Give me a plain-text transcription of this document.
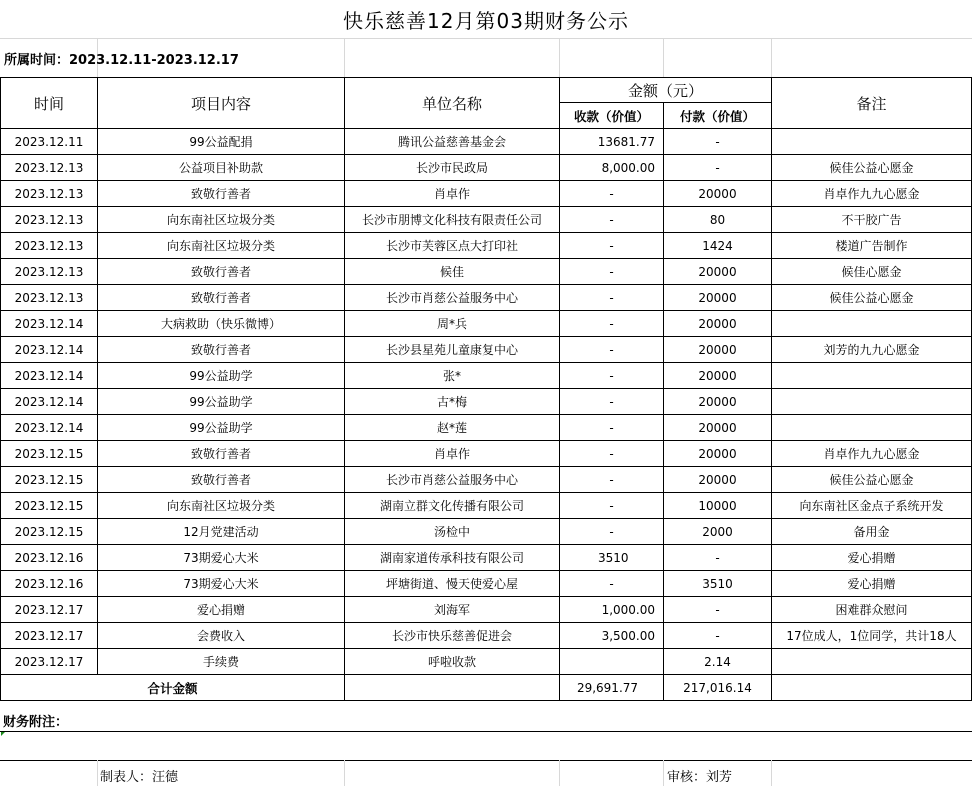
快乐慈善12月第03期财务公示
所属时间：2023.12.11-2023.12.17
时间	项目内容	单位名称	金额（元）		备注
			收款（价值）	付款（价值）	
2023.12.11	99公益配捐	腾讯公益慈善基金会	13681.77	-	
2023.12.13	公益项目补助款	长沙市民政局	8,000.00	-	候佳公益心愿金
2023.12.13	致敬行善者	肖卓作	-	20000	肖卓作九九心愿金
2023.12.13	向东南社区垃圾分类	长沙市朋博文化科技有限责任公司	-	80	不干胶广告
2023.12.13	向东南社区垃圾分类	长沙市芙蓉区点大打印社	-	1424	楼道广告制作
2023.12.13	致敬行善者	候佳	-	20000	候佳心愿金
2023.12.13	致敬行善者	长沙市肖慈公益服务中心	-	20000	候佳公益心愿金
2023.12.14	大病救助（快乐微博）	周*兵	-	20000	
2023.12.14	致敬行善者	长沙县星苑儿童康复中心	-	20000	刘芳的九九心愿金
2023.12.14	99公益助学	张*	-	20000	
2023.12.14	99公益助学	古*梅	-	20000	
2023.12.14	99公益助学	赵*莲	-	20000	
2023.12.15	致敬行善者	肖卓作	-	20000	肖卓作九九心愿金
2023.12.15	致敬行善者	长沙市肖慈公益服务中心	-	20000	候佳公益心愿金
2023.12.15	向东南社区垃圾分类	湖南立群文化传播有限公司	-	10000	向东南社区金点子系统开发
2023.12.15	12月党建活动	汤检中	-	2000	备用金
2023.12.16	73期爱心大米	湖南家道传承科技有限公司	3510	-	爱心捐赠
2023.12.16	73期爱心大米	坪塘街道、慢天使爱心屋	-	3510	爱心捐赠
2023.12.17	爱心捐赠	刘海军	1,000.00	-	困难群众慰问
2023.12.17	会费收入	长沙市快乐慈善促进会	3,500.00	-	17位成人，1位同学，共计18人
2023.12.17	手续费	呼啦收款		2.14	
合计金额			29,691.77	217,016.14	
财务附注：
制表人：汪德	审核：刘芳
